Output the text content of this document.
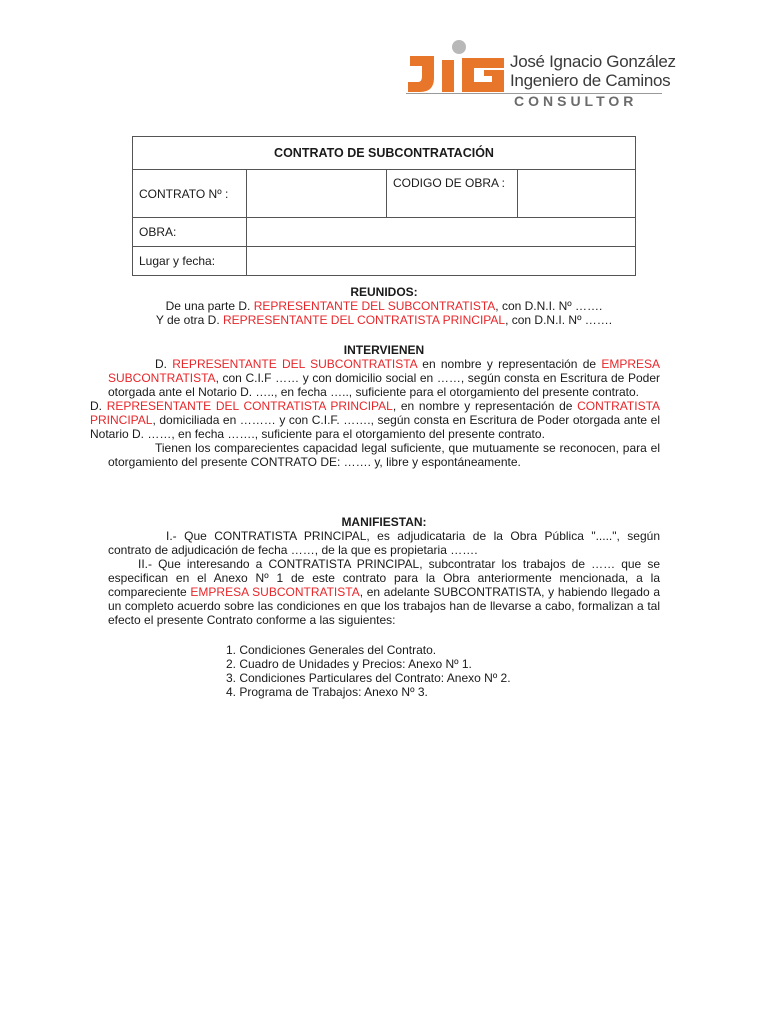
José Ignacio González
Ingeniero de Caminos
CONSULTOR
CONTRATO DE SUBCONTRATACIÓN			
CONTRATO Nº :		CODIGO DE OBRA :	
OBRA:			
Lugar y fecha:			

REUNIDOS:

De una parte D. REPRESENTANTE DEL SUBCONTRATISTA, con D.N.I. Nº …….

Y de otra D. REPRESENTANTE DEL CONTRATISTA PRINCIPAL, con D.N.I. Nº …….

INTERVIENEN

D. REPRESENTANTE DEL SUBCONTRATISTA en nombre y representación de EMPRESA SUBCONTRATISTA, con C.I.F …… y con domicilio social en ……, según consta en Escritura de Poder otorgada ante el Notario D. ….., en fecha ….., suficiente para el otorgamiento del presente contrato.

D. REPRESENTANTE DEL CONTRATISTA PRINCIPAL, en nombre y representación de CONTRATISTA PRINCIPAL, domiciliada en ……… y con C.I.F. ……., según consta en Escritura de Poder otorgada ante el Notario D. ……, en fecha ……., suficiente para el otorgamiento del presente contrato.

Tienen los comparecientes capacidad legal suficiente, que mutuamente se reconocen, para el otorgamiento del presente CONTRATO DE: ……. y, libre y espontáneamente.

MANIFIESTAN:

I.- Que CONTRATISTA PRINCIPAL, es adjudicataria de la Obra Pública ".....", según contrato de adjudicación de fecha ……, de la que es propietaria …….

II.- Que interesando a CONTRATISTA PRINCIPAL, subcontratar los trabajos de …… que se especifican en el Anexo Nº 1 de este contrato para la Obra anteriormente mencionada, a la compareciente EMPRESA SUBCONTRATISTA, en adelante SUBCONTRATISTA, y habiendo llegado a un completo acuerdo sobre las condiciones en que los trabajos han de llevarse a cabo, formalizan a tal efecto el presente Contrato conforme a las siguientes:

1. Condiciones Generales del Contrato.

2. Cuadro de Unidades y Precios: Anexo Nº 1.

3. Condiciones Particulares del Contrato: Anexo Nº 2.

4. Programa de Trabajos: Anexo Nº 3.
